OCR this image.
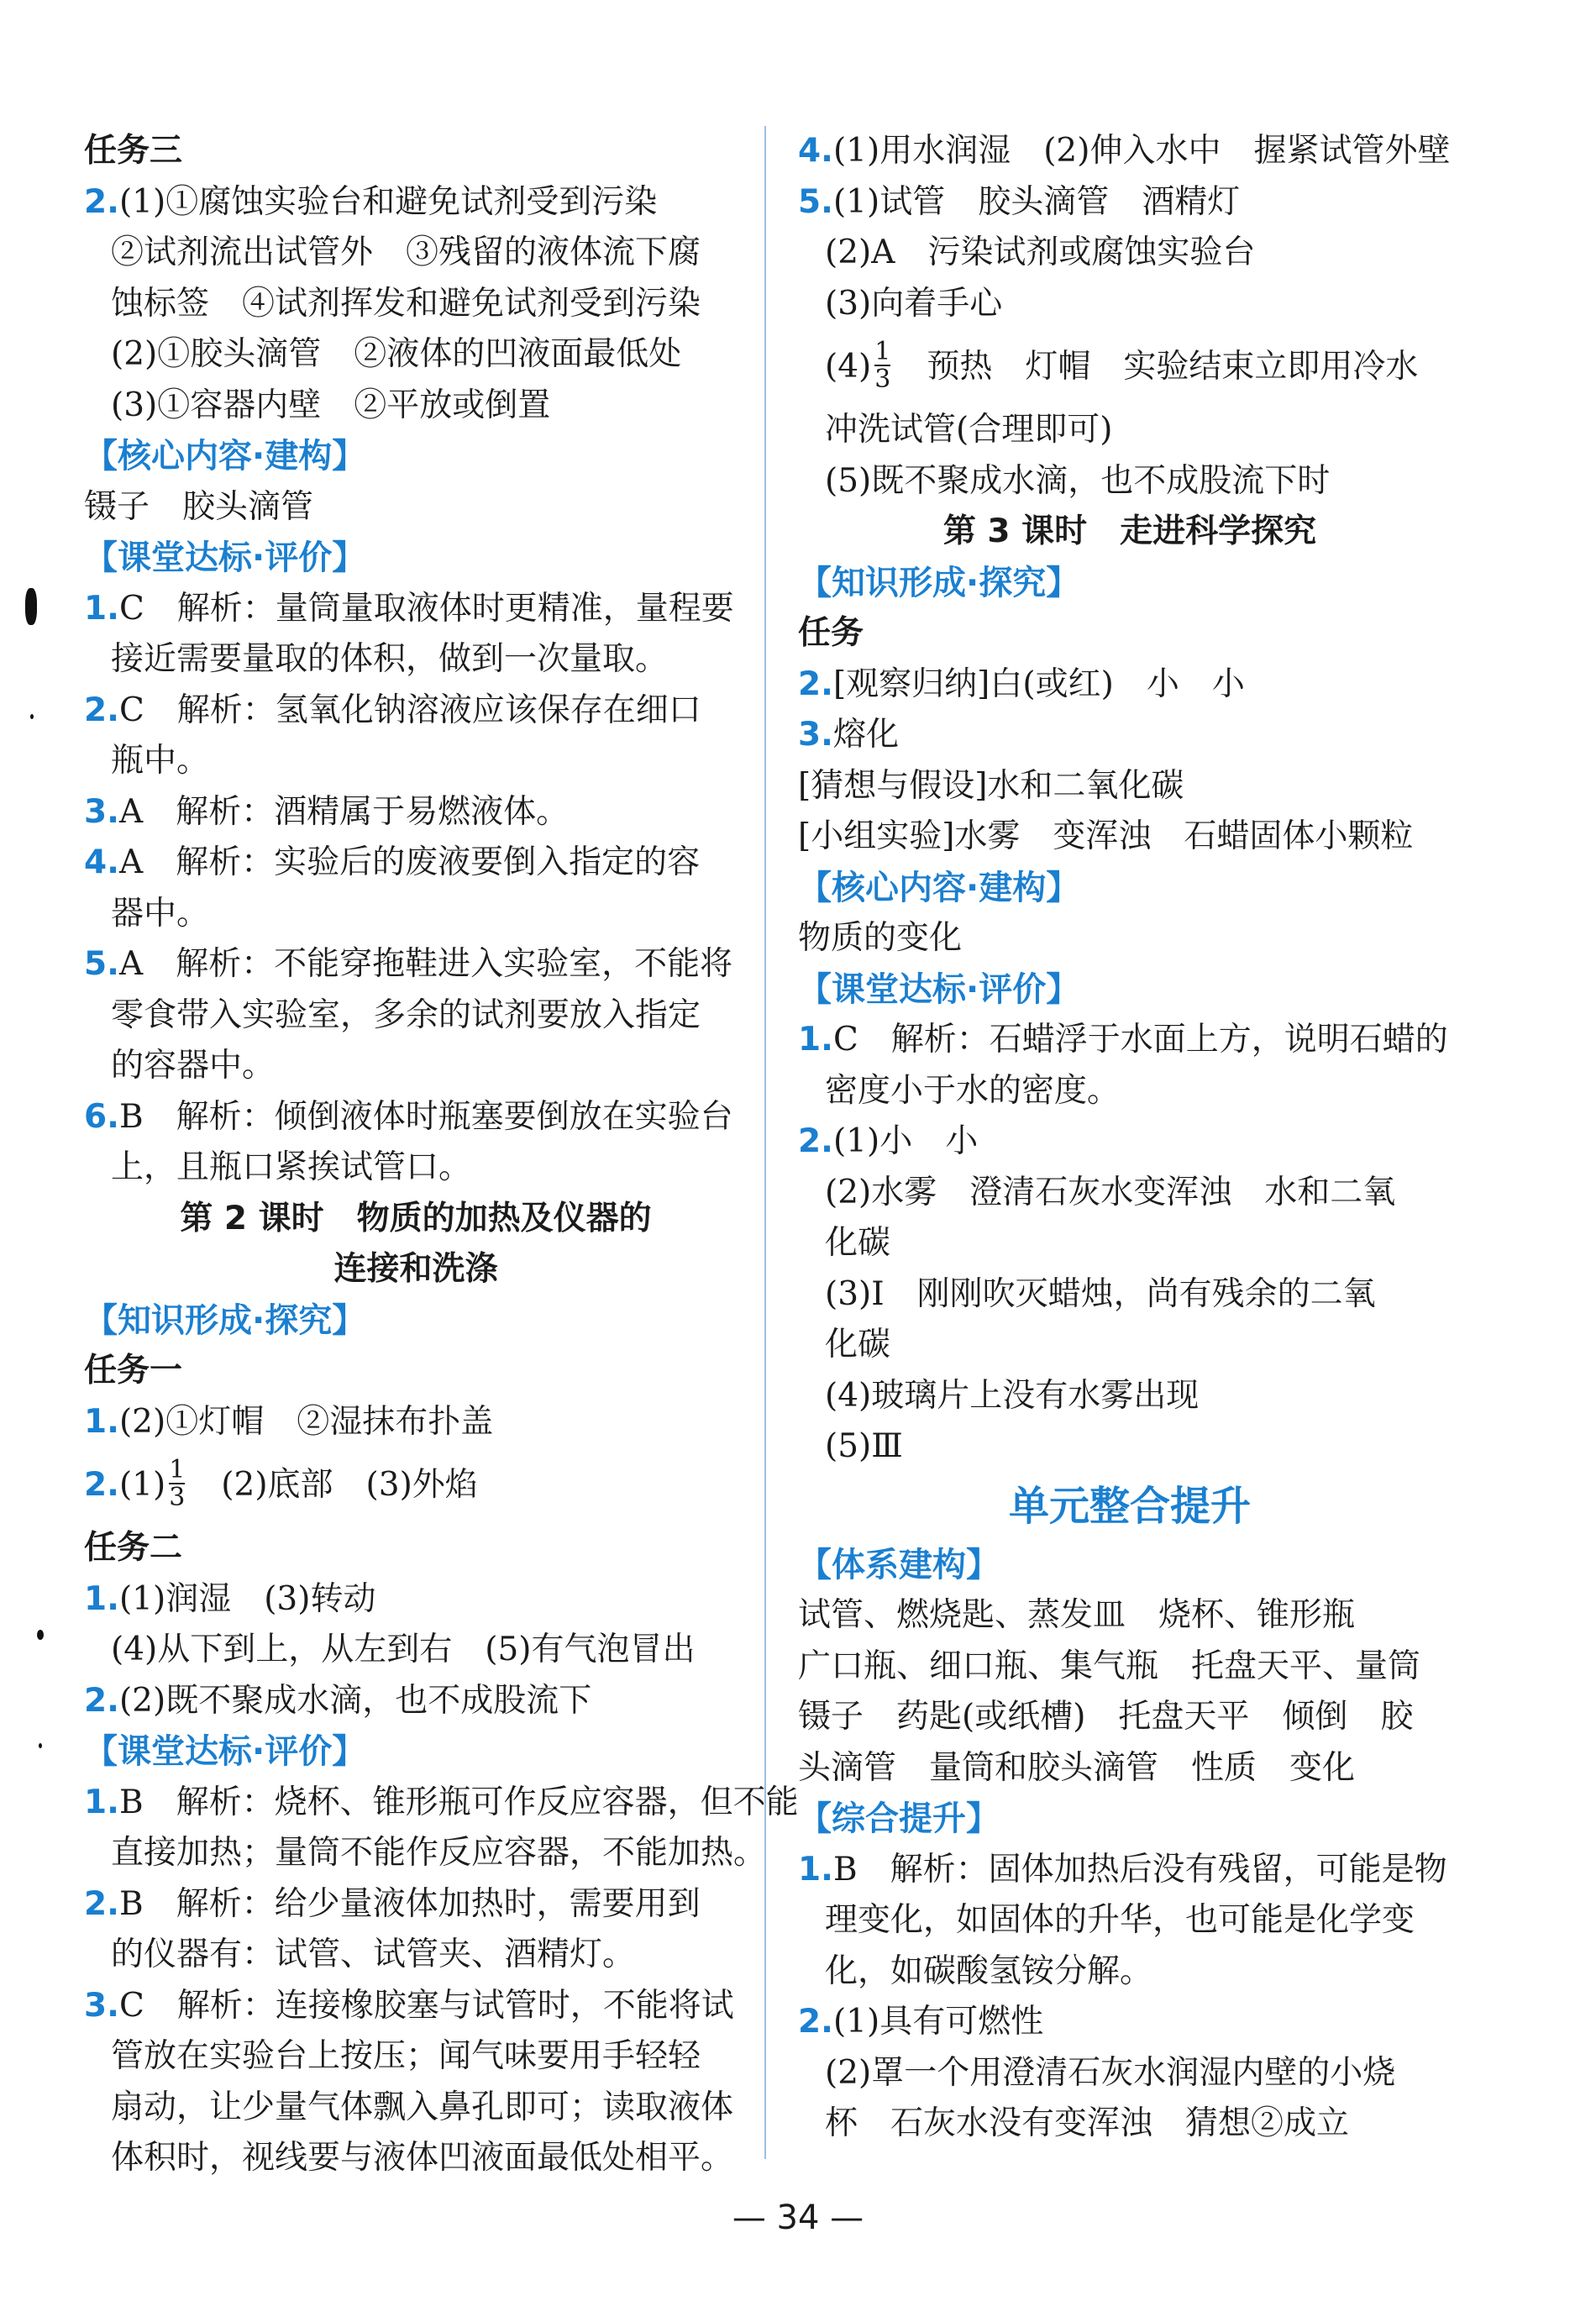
任务三
2.(1)①腐蚀实验台和避免试剂受到污染
②试剂流出试管外　③残留的液体流下腐
蚀标签　④试剂挥发和避免试剂受到污染
(2)①胶头滴管　②液体的凹液面最低处
(3)①容器内壁　②平放或倒置
【核心内容·建构】
镊子　胶头滴管
【课堂达标·评价】
1.C　解析：量筒量取液体时更精准，量程要
接近需要量取的体积，做到一次量取。
2.C　解析：氢氧化钠溶液应该保存在细口
瓶中。
3.A　解析：酒精属于易燃液体。
4.A　解析：实验后的废液要倒入指定的容
器中。
5.A　解析：不能穿拖鞋进入实验室，不能将
零食带入实验室，多余的试剂要放入指定
的容器中。
6.B　解析：倾倒液体时瓶塞要倒放在实验台
上，且瓶口紧挨试管口。
第 2 课时　物质的加热及仪器的
连接和洗涤
【知识形成·探究】
任务一
1.(2)①灯帽　②湿抹布扑盖
$2.(1) \frac{1}{3}$ 　(2)底部　(3)外焰
任务二
1.(1)润湿　(3)转动
(4)从下到上，从左到右　(5)有气泡冒出
2.(2)既不聚成水滴，也不成股流下
【课堂达标·评价】
1.B　解析：烧杯、锥形瓶可作反应容器，但不能
直接加热；量筒不能作反应容器，不能加热。
2.B　解析：给少量液体加热时，需要用到
的仪器有：试管、试管夹、酒精灯。
3.C　解析：连接橡胶塞与试管时，不能将试
管放在实验台上按压；闻气味要用手轻轻
扇动，让少量气体飘入鼻孔即可；读取液体
体积时，视线要与液体凹液面最低处相平。
4.(1)用水润湿　(2)伸入水中　握紧试管外壁
5.(1)试管　胶头滴管　酒精灯
(2)A　污染试剂或腐蚀实验台
(3)向着手心
$(4) \frac{1}{3}$ 　预热　灯帽　实验结束立即用冷水
冲洗试管(合理即可)
(5)既不聚成水滴，也不成股流下时
第 3 课时　走进科学探究
【知识形成·探究】
任务
2.[观察归纳]白(或红)　小　小
3.熔化
[猜想与假设]水和二氧化碳
[小组实验]水雾　变浑浊　石蜡固体小颗粒
【核心内容·建构】
物质的变化
【课堂达标·评价】
1.C　解析：石蜡浮于水面上方，说明石蜡的
密度小于水的密度。
2.(1)小　小
(2)水雾　澄清石灰水变浑浊　水和二氧
化碳
(3)Ⅰ　刚刚吹灭蜡烛，尚有残余的二氧
化碳
(4)玻璃片上没有水雾出现
(5)Ⅲ
单元整合提升
【体系建构】
试管、燃烧匙、蒸发皿　烧杯、锥形瓶
广口瓶、细口瓶、集气瓶　托盘天平、量筒
镊子　药匙(或纸槽)　托盘天平　倾倒　胶
头滴管　量筒和胶头滴管　性质　变化
【综合提升】
1.B　解析：固体加热后没有残留，可能是物
理变化，如固体的升华，也可能是化学变
化，如碳酸氢铵分解。
2.(1)具有可燃性
(2)罩一个用澄清石灰水润湿内壁的小烧
杯　石灰水没有变浑浊　猜想②成立
— 34 —
